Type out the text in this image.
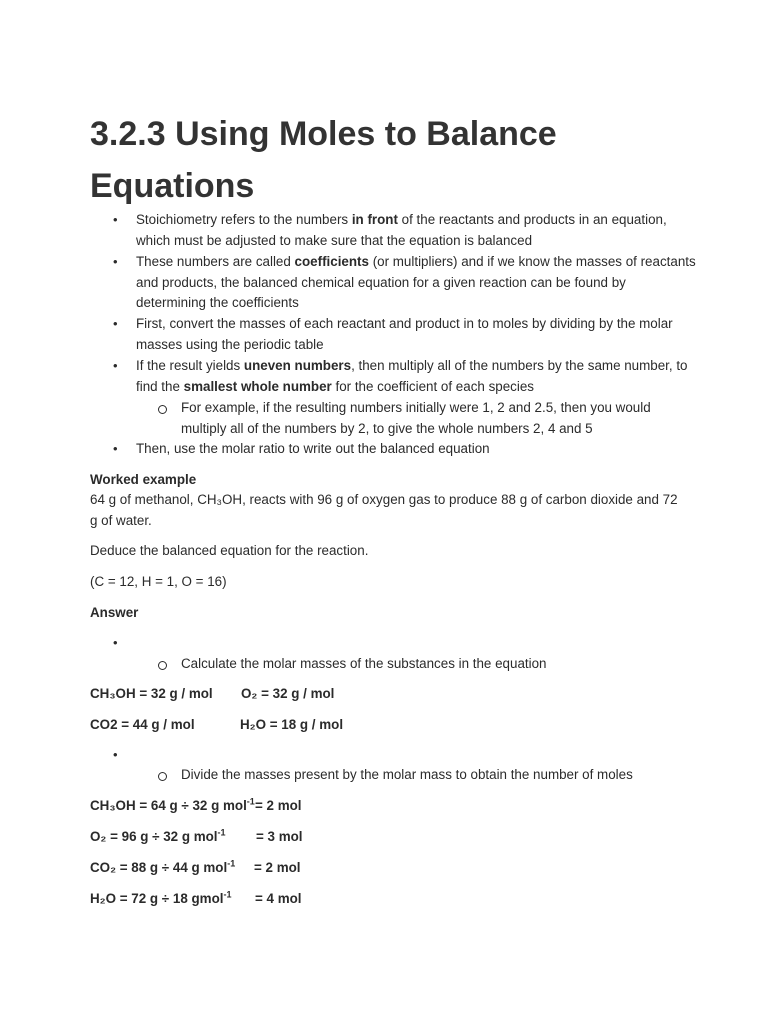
3.2.3 Using Moles to Balance Equations
• Stoichiometry refers to the numbers in front of the reactants and products in an equation, which must be adjusted to make sure that the equation is balanced
• These numbers are called coefficients (or multipliers) and if we know the masses of reactants and products, the balanced chemical equation for a given reaction can be found by determining the coefficients
• First, convert the masses of each reactant and product in to moles by dividing by the molar masses using the periodic table
• If the result yields uneven numbers, then multiply all of the numbers by the same number, to find the smallest whole number for the coefficient of each species
For example, if the resulting numbers initially were 1, 2 and 2.5, then you would multiply all of the numbers by 2, to give the whole numbers 2, 4 and 5
• Then, use the molar ratio to write out the balanced equation
Worked example
64 g of methanol, CH₃OH, reacts with 96 g of oxygen gas to produce 88 g of carbon dioxide and 72 g of water.
Deduce the balanced equation for the reaction.
(C = 12, H = 1, O = 16)
Answer
•
Calculate the molar masses of the substances in the equation
CH₃OH = 32 g / mol O₂ = 32 g / mol
CO2 = 44 g / mol	H₂O = 18 g / mol
•
Divide the masses present by the molar mass to obtain the number of moles
CH₃OH = 64 g ÷ 32 g mol$^{-1}$ = 2 mol
O₂ = 96 g ÷ 32 g mol$^{-1}$ = 3 mol
CO₂ = 88 g ÷ 44 g mol$^{-1}$ = 2 mol
H₂O = 72 g ÷ 18 gmol$^{-1}$ = 4 mol
